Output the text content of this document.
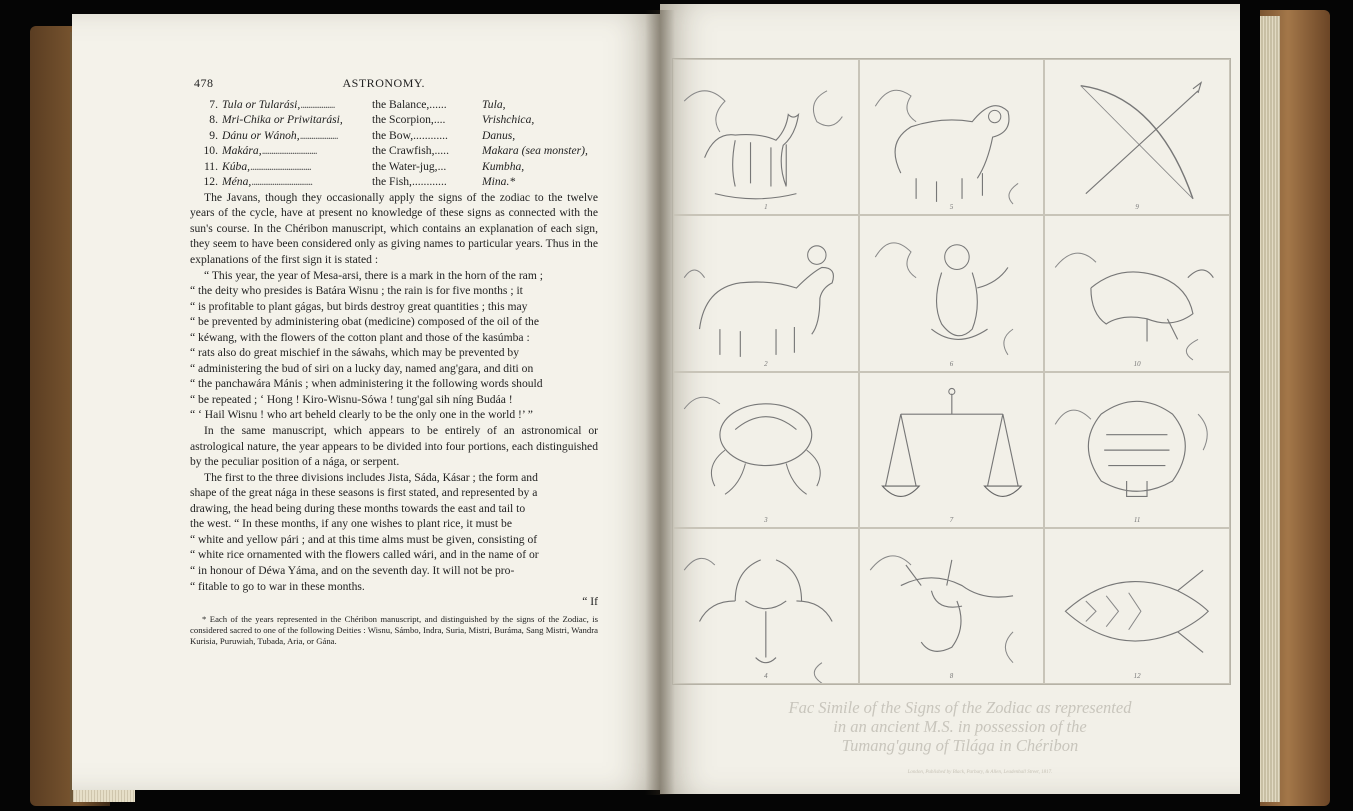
478	ASTRONOMY.
7. Tula or Tularási,..................	the Balance,......	Tula,
8. Mri-Chika or Priwitarási,	the Scorpion,....	Vrishchica,
9. Dánu or Wánoh,....................	the Bow,............	Danus,
10. Makára,.............................	the Crawfish,.....	Makara (sea monster),
11. Kúba,................................	the Water-jug,...	Kumbha,
12. Ména,................................	the Fish,............	Mina.*

The Javans, though they occasionally apply the signs of the zodiac to the twelve years of the cycle, have at present no knowledge of these signs as connected with the sun's course. In the Chéribon manuscript, which contains an explanation of each sign, they seem to have been considered only as giving names to particular years. Thus in the explanations of the first sign it is stated :

“ This year, the year of Mesa-arsi, there is a mark in the horn of the ram ;
“ the deity who presides is Batára Wisnu ; the rain is for five months ; it
“ is profitable to plant gágas, but birds destroy great quantities ; this may
“ be prevented by administering obat (medicine) composed of the oil of the
“ kéwang, with the flowers of the cotton plant and those of the kasúmba :
“ rats also do great mischief in the sáwahs, which may be prevented by
“ administering the bud of siri on a lucky day, named ang'gara, and diti on
“ the panchawára Mánis ; when administering it the following words should
“ be repeated ; ‘ Hong ! Kiro-Wisnu-Sówa ! tung'gal sih níng Budáa !
“ ‘ Hail Wisnu ! who art beheld clearly to be the only one in the world !’ ”

In the same manuscript, which appears to be entirely of an astronomical or astrological nature, the year appears to be divided into four portions, each distinguished by the peculiar position of a nága, or serpent.

The first to the three divisions includes Jista, Sáda, Kásar ; the form and
shape of the great nága in these seasons is first stated, and represented by a
drawing, the head being during these months towards the east and tail to
the west. “ In these months, if any one wishes to plant rice, it must be
“ white and yellow pári ; and at this time alms must be given, consisting of
“ white rice ornamented with the flowers called wári, and in the name of or
“ in honour of Déwa Yáma, and on the seventh day. It will not be pro-
“ fitable to go to war in these months.

“ If

* Each of the years represented in the Chéribon manuscript, and distinguished by the signs of the Zodiac, is considered sacred to one of the following Deities : Wisnu, Sámbo, Indra, Suria, Mistri, Buráma, Sang Mistri, Wandra Kurisia, Puruwiah, Tubada, Aria, or Gána.
1	5	9
2	6	10
3	7	11
4	8	12
Fac Simile of the Signs of the Zodiac as represented
in an ancient M.S. in possession of the
Tumang'gung of Tilága in Chéribon
London, Published by Black, Parbury, & Allen, Leadenhall Street, 1817.
